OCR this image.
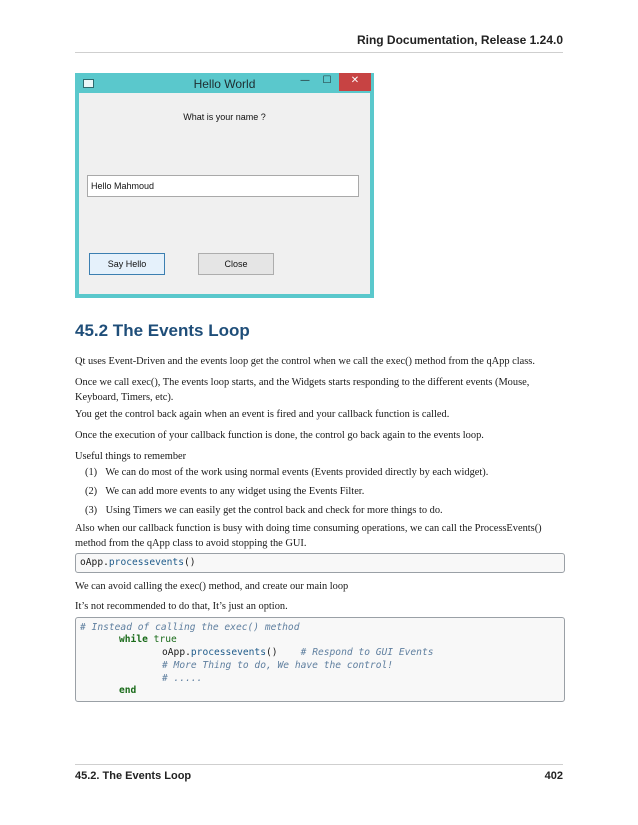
Ring Documentation, Release 1.24.0
Hello World	—	☐	✕
What is your name ?
Hello Mahmoud
Say Hello	Close
45.2 The Events Loop
Qt uses Event-Driven and the events loop get the control when we call the exec() method from the qApp class.
Once we call exec(), The events loop starts, and the Widgets starts responding to the different events (Mouse, Keyboard, Timers, etc).
You get the control back again when an event is fired and your callback function is called.
Once the execution of your callback function is done, the control go back again to the events loop.
Useful things to remember
(1) We can do most of the work using normal events (Events provided directly by each widget).
(2) We can add more events to any widget using the Events Filter.
(3) Using Timers we can easily get the control back and check for more things to do.
Also when our callback function is busy with doing time consuming operations, we can call the ProcessEvents() method from the qApp class to avoid stopping the GUI.
oApp.processevents()
We can avoid calling the exec() method, and create our main loop
It’s not recommended to do that, It’s just an option.
# Instead of calling the exec() method
while true
oApp.processevents() # Respond to GUI Events
# More Thing to do, We have the control!
# .....
end
45.2. The Events Loop	402
